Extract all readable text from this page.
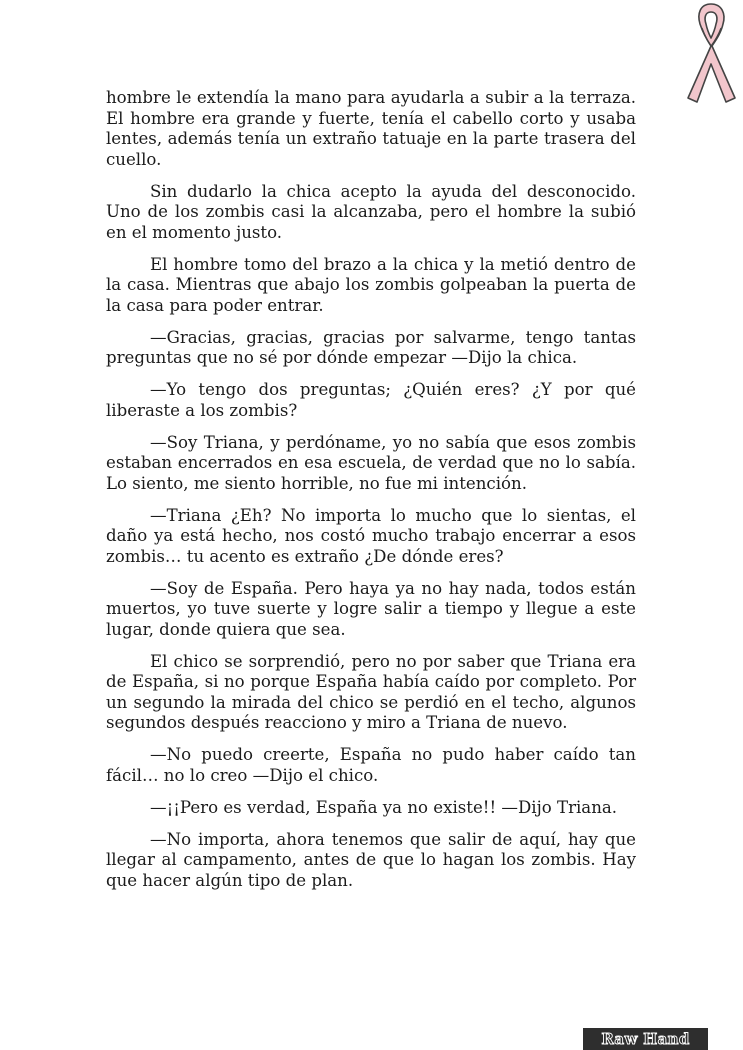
hombre le extendía la mano para ayudarla a subir a la terraza. El hombre era grande y fuerte, tenía el cabello corto y usaba lentes, además tenía un extraño tatuaje en la parte trasera del cuello.

Sin dudarlo la chica acepto la ayuda del desconocido. Uno de los zombis casi la alcanzaba, pero el hombre la subió en el momento justo.

El hombre tomo del brazo a la chica y la metió dentro de la casa. Mientras que abajo los zombis golpeaban la puerta de la casa para poder entrar.

—Gracias, gracias, gracias por salvarme, tengo tantas preguntas que no sé por dónde empezar —Dijo la chica.

—Yo tengo dos preguntas; ¿Quién eres? ¿Y por qué liberaste a los zombis?

—Soy Triana, y perdóname, yo no sabía que esos zombis estaban encerrados en esa escuela, de verdad que no lo sabía. Lo siento, me siento horrible, no fue mi intención.

—Triana ¿Eh? No importa lo mucho que lo sientas, el daño ya está hecho, nos costó mucho trabajo encerrar a esos zombis… tu acento es extraño ¿De dónde eres?

—Soy de España. Pero haya ya no hay nada, todos están muertos, yo tuve suerte y logre salir a tiempo y llegue a este lugar, donde quiera que sea.

El chico se sorprendió, pero no por saber que Triana era de España, si no porque España había caído por completo. Por un segundo la mirada del chico se perdió en el techo, algunos segundos después reacciono y miro a Triana de nuevo.

—No puedo creerte, España no pudo haber caído tan fácil… no lo creo —Dijo el chico.

—¡¡Pero es verdad, España ya no existe!! —Dijo Triana.

—No importa, ahora tenemos que salir de aquí, hay que llegar al campamento, antes de que lo hagan los zombis. Hay que hacer algún tipo de plan.

Raw Hand
